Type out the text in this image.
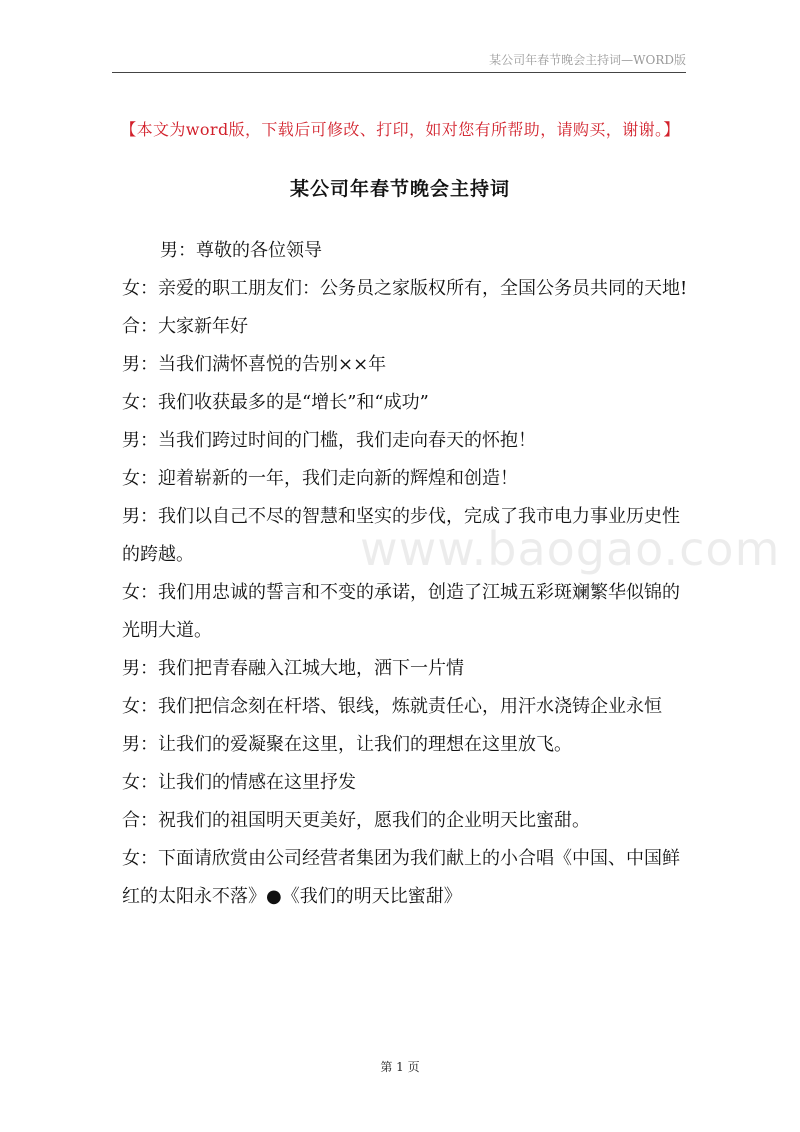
某公司年春节晚会主持词—WORD版
【本文为word版，下载后可修改、打印，如对您有所帮助，请购买，谢谢。】
某公司年春节晚会主持词

男：尊敬的各位领导

女：亲爱的职工朋友们：公务员之家版权所有，全国公务员共同的天地!

合：大家新年好

男：当我们满怀喜悦的告别××年

女：我们收获最多的是“增长”和“成功”

男：当我们跨过时间的门槛，我们走向春天的怀抱！

女：迎着崭新的一年，我们走向新的辉煌和创造！

男：我们以自己不尽的智慧和坚实的步伐，完成了我市电力事业历史性的跨越。

女：我们用忠诚的誓言和不变的承诺，创造了江城五彩斑斓繁华似锦的光明大道。

男：我们把青春融入江城大地，洒下一片情

女：我们把信念刻在杆塔、银线，炼就责任心，用汗水浇铸企业永恒

男：让我们的爱凝聚在这里，让我们的理想在这里放飞。

女：让我们的情感在这里抒发

合：祝我们的祖国明天更美好，愿我们的企业明天比蜜甜。

女：下面请欣赏由公司经营者集团为我们献上的小合唱《中国、中国鲜红的太阳永不落》●《我们的明天比蜜甜》

www.baogao.com
第 1 页
